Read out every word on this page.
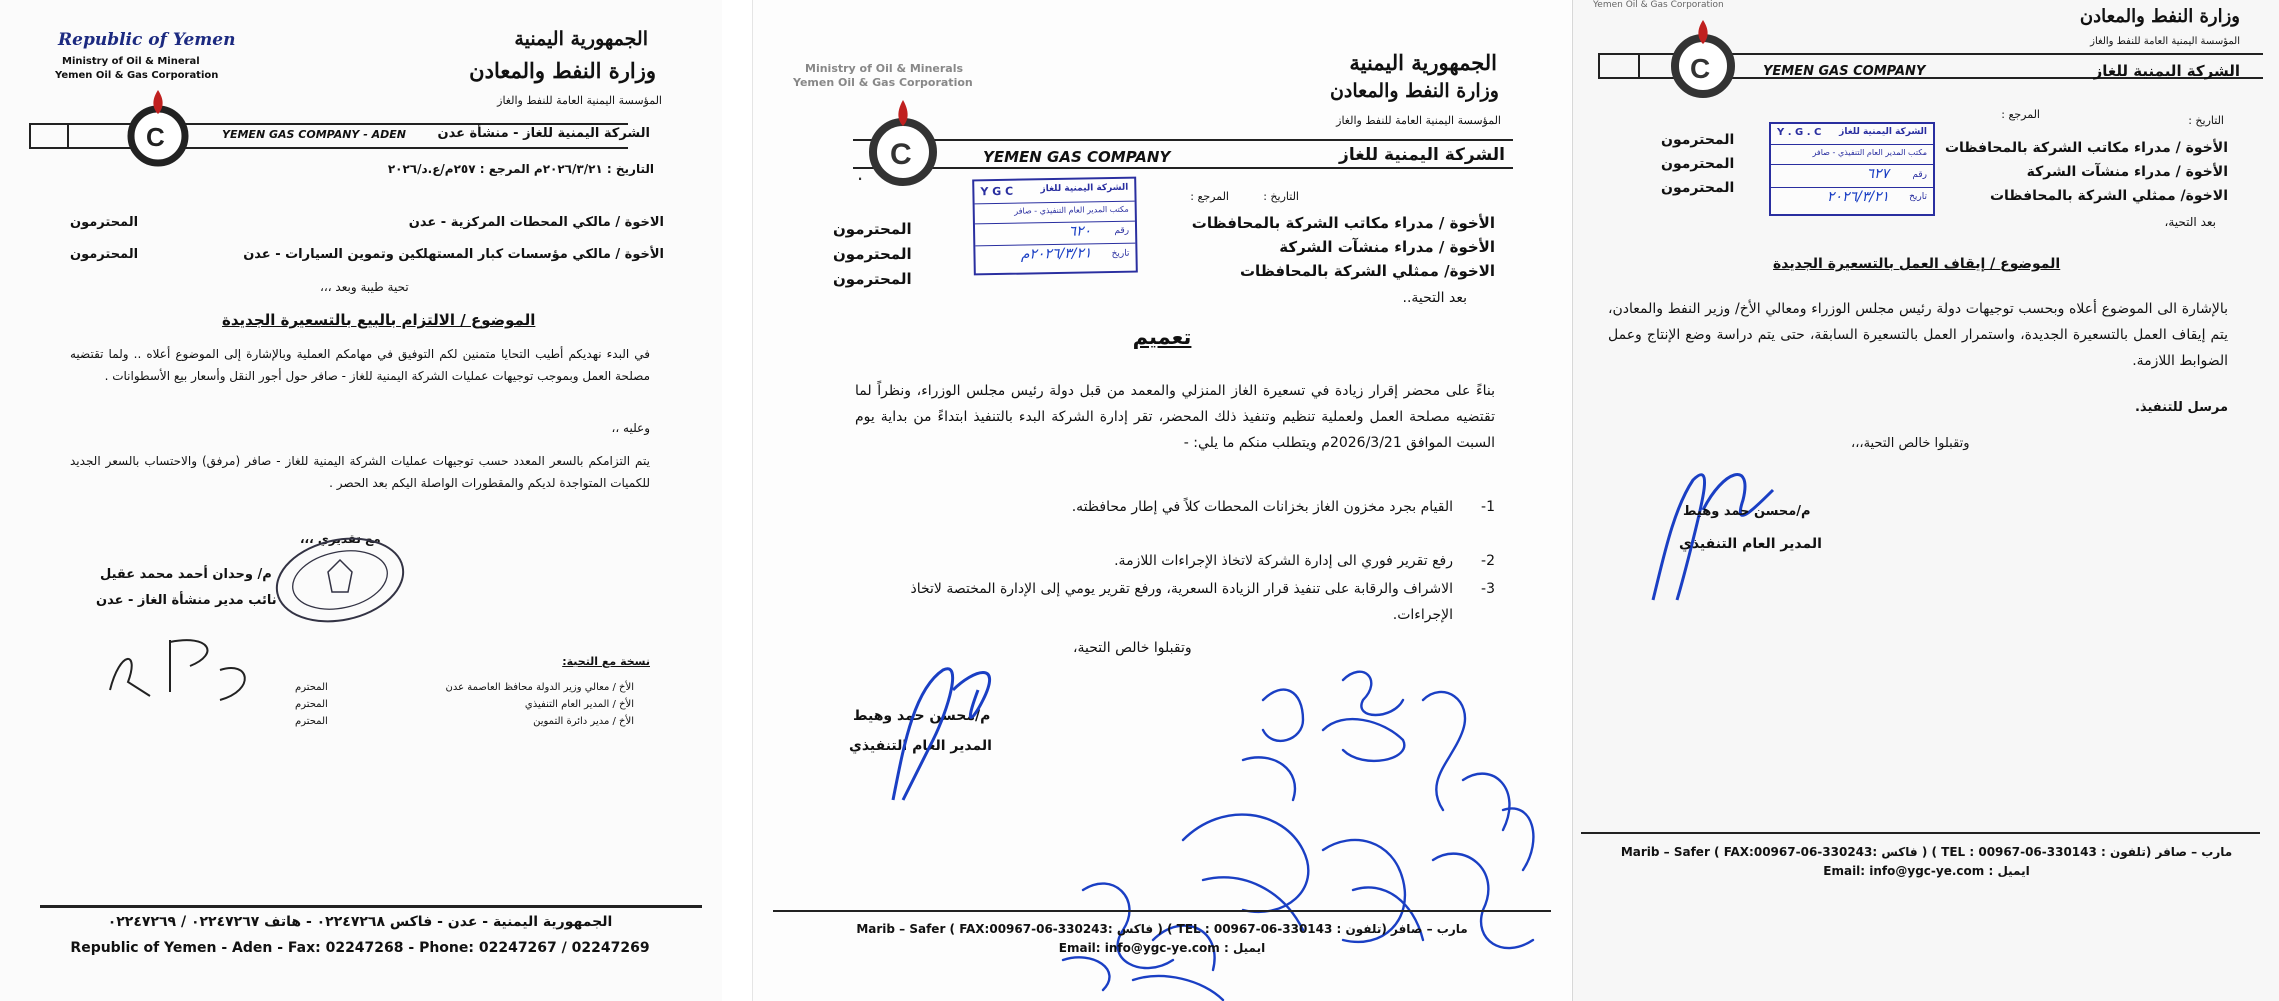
Republic of Yemen
Ministry of Oil & Mineral
Yemen Oil & Gas Corporation
الجمهورية اليمنية
وزارة النفط والمعادن
المؤسسة اليمنية العامة للنفط والغاز
C	YEMEN GAS COMPANY - ADEN الشركة اليمنية للغاز - منشأة عدن
التاريخ : ٢٠٢٦/٣/٢١م المرجع : ٢٥٧م/ع.د/٢٠٢٦
الاخوة / مالكي المحطات المركزية - عدن
المحترمون
الأخوة / مالكي مؤسسات كبار المستهلكين وتموين السيارات - عدن
المحترمون
تحية طيبة وبعد ،،،
الموضوع / الالتزام بالبيع بالتسعيرة الجديدة
في البدء نهديكم أطيب التحايا متمنين لكم التوفيق في مهامكم العملية وبالإشارة إلى الموضوع أعلاه .. ولما تقتضيه مصلحة العمل وبموجب توجيهات عمليات الشركة اليمنية للغاز - صافر حول أجور النقل وأسعار بيع الأسطوانات .
وعليه ،،
يتم التزامكم بالسعر المعدد حسب توجيهات عمليات الشركة اليمنية للغاز - صافر (مرفق) والاحتساب بالسعر الجديد للكميات المتواجدة لديكم والمقطورات الواصلة اليكم بعد الحصر .
مع تقديري ،،،
م/ وحدان أحمد محمد عقيل
نائب مدير منشأة الغاز - عدن
نسخة مع التحية:
الأخ / معالي وزير الدولة محافظ العاصمة عدن
المحترم
الأخ / المدير العام التنفيذي
المحترم
الأخ / مدير دائرة التموين
المحترم
الجمهورية اليمنية - عدن - فاكس ٠٢٢٤٧٢٦٨ - هاتف ٠٢٢٤٧٢٦٧ / ٠٢٢٤٧٢٦٩
Republic of Yemen - Aden - Fax: 02247268 - Phone: 02247267 / 02247269
Ministry of Oil & Minerals
Yemen Oil & Gas Corporation
الجمهورية اليمنية
وزارة النفط والمعادن
المؤسسة اليمنية العامة للنفط والغاز
C
.
YEMEN GAS COMPANY	الشركة اليمنية للغاز
Y G C	الشركة اليمنية للغاز
مكتب المدير العام التنفيذي - صافر
رقم
٦٢٠
تاريخ
٢٠٢٦/٣/٢١م
التاريخ :
المرجع :
الأخوة / مدراء مكاتب الشركة بالمحافظات
المحترمون
الأخوة / مدراء منشآت الشركة
المحترمون
الاخوة/ ممثلي الشركة بالمحافظات
المحترمون
بعد التحية..
تعميم
بناءً على محضر إقرار زيادة في تسعيرة الغاز المنزلي والمعمد من قبل دولة رئيس مجلس الوزراء، ونظراً لما تقتضيه مصلحة العمل ولعملية تنظيم وتنفيذ ذلك المحضر، تقر إدارة الشركة البدء بالتنفيذ ابتداءً من بداية يوم السبت الموافق 2026/3/21م ويتطلب منكم ما يلي: -
1-
القيام بجرد مخزون الغاز بخزانات المحطات كلاً في إطار محافظته.
2-
رفع تقرير فوري الى إدارة الشركة لاتخاذ الإجراءات اللازمة.
3-
الاشراف والرقابة على تنفيذ قرار الزيادة السعرية، ورفع تقرير يومي إلى الإدارة المختصة لاتخاذ الإجراءات.
وتقبلوا خالص التحية،
م/محسن حمد وهيط
المدير العام التنفيذي
Marib – Safer ( FAX:00967-06-330243: فاكس ) ( TEL : 00967-06-330143 : مارب – صافر (تلفون
Email: info@ygc-ye.com : ايميل
Yemen Oil & Gas Corporation
وزارة النفط والمعادن
المؤسسة اليمنية العامة للنفط والغاز
C	YEMEN GAS COMPANY	الشركة اليمنية للغاز
التاريخ :
المرجع :
الشركة اليمنية للغاز
Y . G . C
مكتب المدير العام التنفيذي - صافر
رقم
٦٢٧
تاريخ
٢٠٢٦/٣/٢١
الأخوة / مدراء مكاتب الشركة بالمحافظات
المحترمون
الأخوة / مدراء منشآت الشركة
المحترمون
الاخوة/ ممثلي الشركة بالمحافظات
المحترمون
بعد التحية،
الموضوع / إيقاف العمل بالتسعيرة الجديدة
بالإشارة الى الموضوع أعلاه وبحسب توجيهات دولة رئيس مجلس الوزراء ومعالي الأخ/ وزير النفط والمعادن، يتم إيقاف العمل بالتسعيرة الجديدة، واستمرار العمل بالتسعيرة السابقة، حتى يتم دراسة وضع الإنتاج وعمل الضوابط اللازمة.
مرسل للتنفيذ.
وتقبلوا خالص التحية،،،
م/محسن حمد وهيط
المدير العام التنفيذي
Marib – Safer ( FAX:00967-06-330243: فاكس ) ( TEL : 00967-06-330143 : مارب – صافر (تلفون
Email: info@ygc-ye.com : ايميل
